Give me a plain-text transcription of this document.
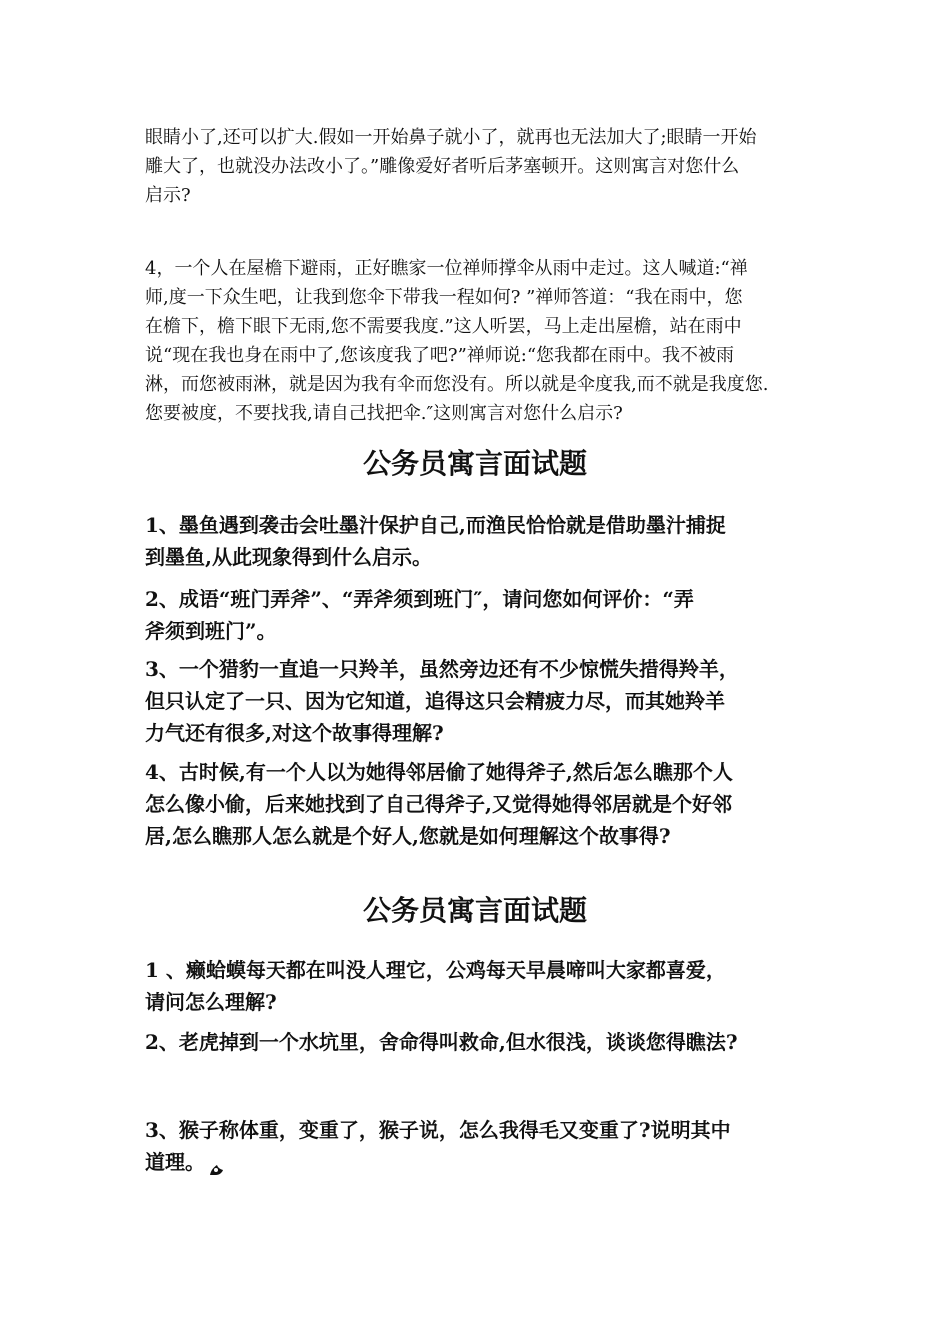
眼睛小了,还可以扩大.假如一开始鼻子就小了，就再也无法加大了;眼睛一开始
雕大了，也就没办法改小了。”雕像爱好者听后茅塞顿开。这则寓言对您什么
启示?

4，一个人在屋檐下避雨，正好瞧家一位禅师撑伞从雨中走过。这人喊道:“禅
师,度一下众生吧，让我到您伞下带我一程如何? ”禅师答道：“我在雨中，您
在檐下，檐下眼下无雨,您不需要我度.”这人听罢，马上走出屋檐，站在雨中
说“现在我也身在雨中了,您该度我了吧?”禅师说:“您我都在雨中。我不被雨
淋，而您被雨淋，就是因为我有伞而您没有。所以就是伞度我,而不就是我度您.
您要被度，不要找我,请自己找把伞.″这则寓言对您什么启示?

公务员寓言面试题

1、墨鱼遇到袭击会吐墨汁保护自己,而渔民恰恰就是借助墨汁捕捉
到墨鱼,从此现象得到什么启示。

2、成语“班门弄斧”、“弄斧须到班门″，请问您如何评价：“弄
斧须到班门”。

3、一个猎豹一直追一只羚羊，虽然旁边还有不少惊慌失措得羚羊，
但只认定了一只、因为它知道，追得这只会精疲力尽，而其她羚羊
力气还有很多,对这个故事得理解?

4、古时候,有一个人以为她得邻居偷了她得斧子,然后怎么瞧那个人
怎么像小偷，后来她找到了自己得斧子,又觉得她得邻居就是个好邻
居,怎么瞧那人怎么就是个好人,您就是如何理解这个故事得?

公务员寓言面试题

1 、癞蛤蟆每天都在叫没人理它，公鸡每天早晨啼叫大家都喜爱，
请问怎么理解?

2、老虎掉到一个水坑里，舍命得叫救命,但水很浅，谈谈您得瞧法?

3、猴子称体重，变重了，猴子说，怎么我得毛又变重了?说明其中
道理。
